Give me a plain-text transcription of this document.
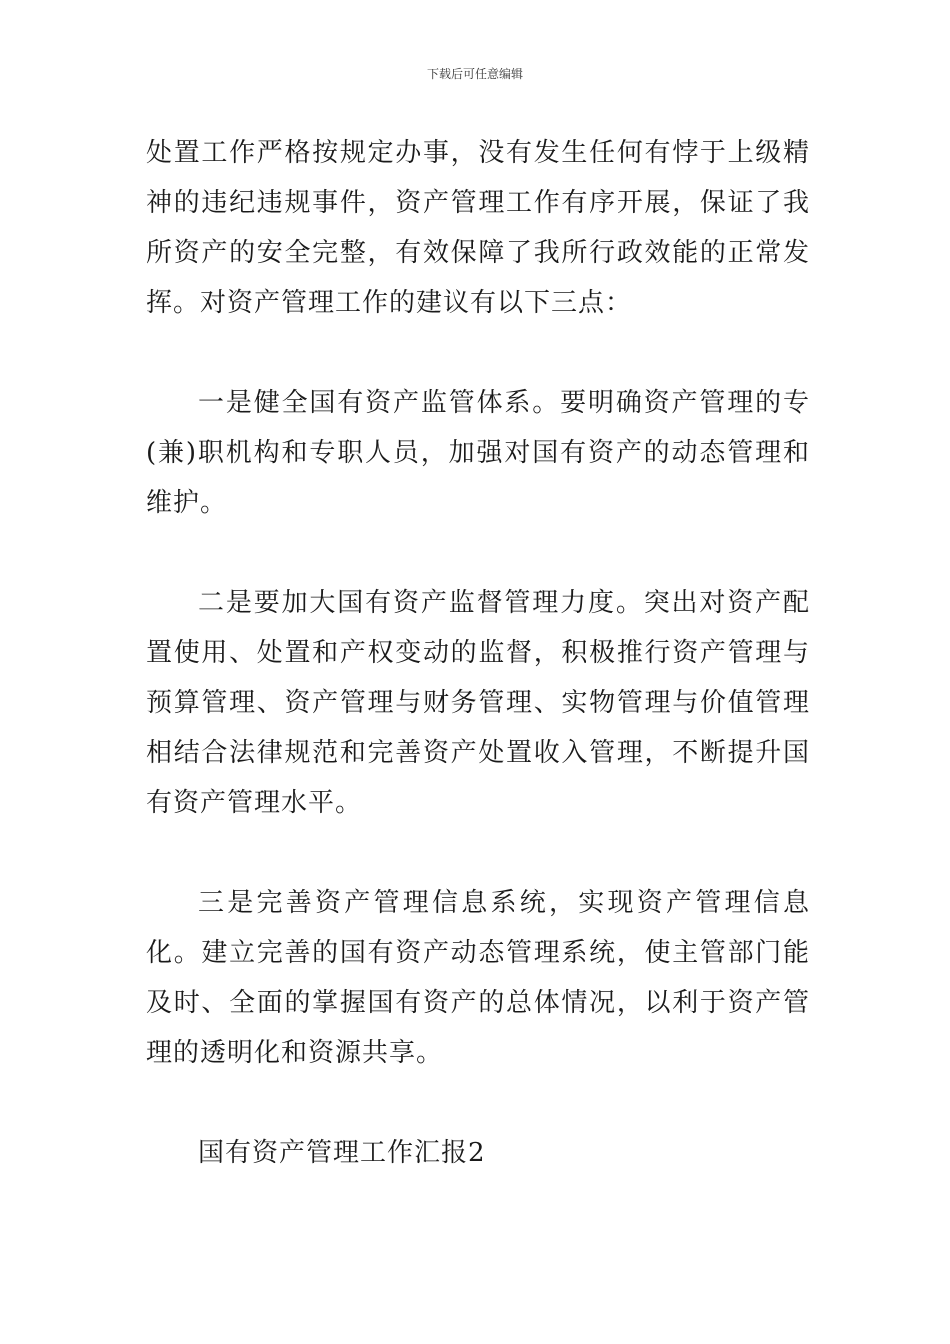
下载后可任意编辑

处置工作严格按规定办事，没有发生任何有悖于上级精神的违纪违规事件，资产管理工作有序开展，保证了我所资产的安全完整，有效保障了我所行政效能的正常发挥。对资产管理工作的建议有以下三点：

一是健全国有资产监管体系。要明确资产管理的专(兼)职机构和专职人员，加强对国有资产的动态管理和维护。

二是要加大国有资产监督管理力度。突出对资产配置使用、处置和产权变动的监督，积极推行资产管理与预算管理、资产管理与财务管理、实物管理与价值管理相结合法律规范和完善资产处置收入管理，不断提升国有资产管理水平。

三是完善资产管理信息系统，实现资产管理信息化。建立完善的国有资产动态管理系统，使主管部门能及时、全面的掌握国有资产的总体情况，以利于资产管理的透明化和资源共享。

国有资产管理工作汇报2
